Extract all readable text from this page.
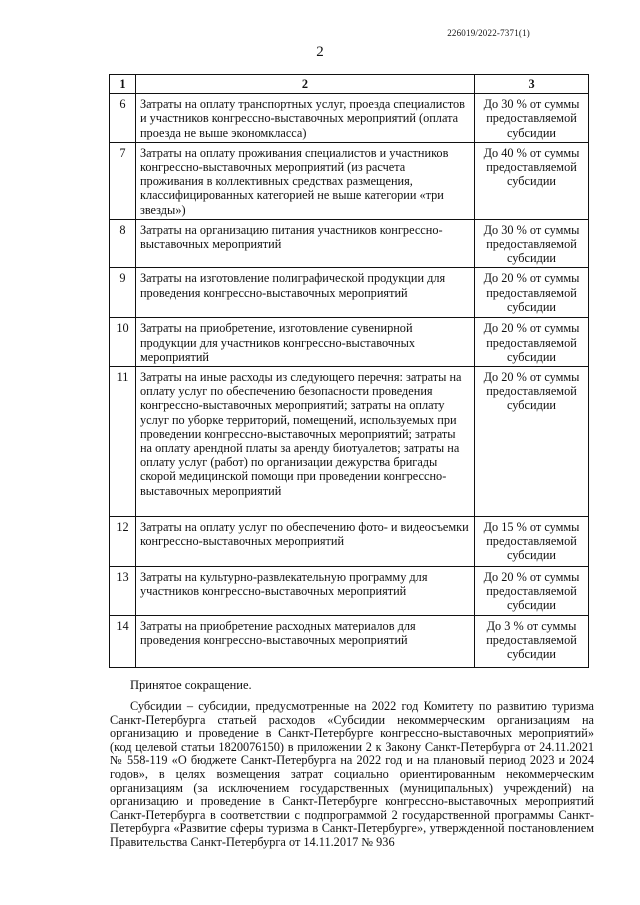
226019/2022-7371(1)
2
1	2	3
6	Затраты на оплату транспортных услуг, проезда специалистов и участников конгрессно-выставочных мероприятий (оплата проезда не выше экономкласса)	До 30 % от суммы предоставляемой субсидии
7	Затраты на оплату проживания специалистов и участников конгрессно-выставочных мероприятий (из расчета проживания в коллективных средствах размещения, классифицированных категорией не выше категории «три звезды»)	До 40 % от суммы предоставляемой субсидии
8	Затраты на организацию питания участников конгрессно-выставочных мероприятий	До 30 % от суммы предоставляемой субсидии
9	Затраты на изготовление полиграфической продукции для проведения конгрессно-выставочных мероприятий	До 20 % от суммы предоставляемой субсидии
10	Затраты на приобретение, изготовление сувенирной продукции для участников конгрессно-выставочных мероприятий	До 20 % от суммы предоставляемой субсидии
11	Затраты на иные расходы из следующего перечня: затраты на оплату услуг по обеспечению безопасности проведения конгрессно-выставочных мероприятий; затраты на оплату услуг по уборке территорий, помещений, используемых при проведении конгрессно-выставочных мероприятий; затраты на оплату арендной платы за аренду биотуалетов; затраты на оплату услуг (работ) по организации дежурства бригады скорой медицинской помощи при проведении конгрессно-выставочных мероприятий	До 20 % от суммы предоставляемой субсидии
12	Затраты на оплату услуг по обеспечению фото- и видеосъемки конгрессно-выставочных мероприятий	До 15 % от суммы предоставляемой субсидии
13	Затраты на культурно-развлекательную программу для участников конгрессно-выставочных мероприятий	До 20 % от суммы предоставляемой субсидии
14	Затраты на приобретение расходных материалов для проведения конгрессно-выставочных мероприятий	До 3 % от суммы предоставляемой субсидии
Принятое сокращение.
Субсидии – субсидии, предусмотренные на 2022 год Комитету по развитию туризма Санкт-Петербурга статьей расходов «Субсидии некоммерческим организациям на организацию и проведение в Санкт-Петербурге конгрессно-выставочных мероприятий» (код целевой статьи 1820076150) в приложении 2 к Закону Санкт-Петербурга от 24.11.2021 № 558-119 «О бюджете Санкт-Петербурга на 2022 год и на плановый период 2023 и 2024 годов», в целях возмещения затрат социально ориентированным некоммерческим организациям (за исключением государственных (муниципальных) учреждений) на организацию и проведение в Санкт-Петербурге конгрессно-выставочных мероприятий Санкт-Петербурга в соответствии с подпрограммой 2 государственной программы Санкт-Петербурга «Развитие сферы туризма в Санкт-Петербурге», утвержденной постановлением Правительства Санкт-Петербурга от 14.11.2017 № 936
